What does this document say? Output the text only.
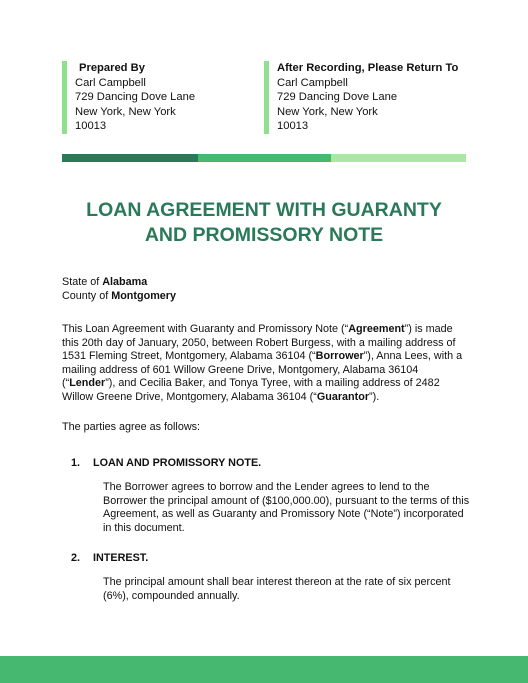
Prepared By
Carl Campbell
729 Dancing Dove Lane
New York, New York
10013
After Recording, Please Return To
Carl Campbell
729 Dancing Dove Lane
New York, New York
10013
LOAN AGREEMENT WITH GUARANTY
AND PROMISSORY NOTE
State of Alabama
County of Montgomery

This Loan Agreement with Guaranty and Promissory Note (“Agreement”) is made this 20th day of January, 2050, between Robert Burgess, with a mailing address of 1531 Fleming Street, Montgomery, Alabama 36104 (“Borrower”), Anna Lees, with a mailing address of 601 Willow Greene Drive, Montgomery, Alabama 36104 (“Lender”), and Cecilia Baker, and Tonya Tyree, with a mailing address of 2482 Willow Greene Drive, Montgomery, Alabama 36104 (“Guarantor”).

The parties agree as follows:

1. LOAN AND PROMISSORY NOTE.

The Borrower agrees to borrow and the Lender agrees to lend to the Borrower the principal amount of ($100,000.00), pursuant to the terms of this Agreement, as well as Guaranty and Promissory Note (“Note”) incorporated in this document.

2. INTEREST.

The principal amount shall bear interest thereon at the rate of six percent (6%), compounded annually.
